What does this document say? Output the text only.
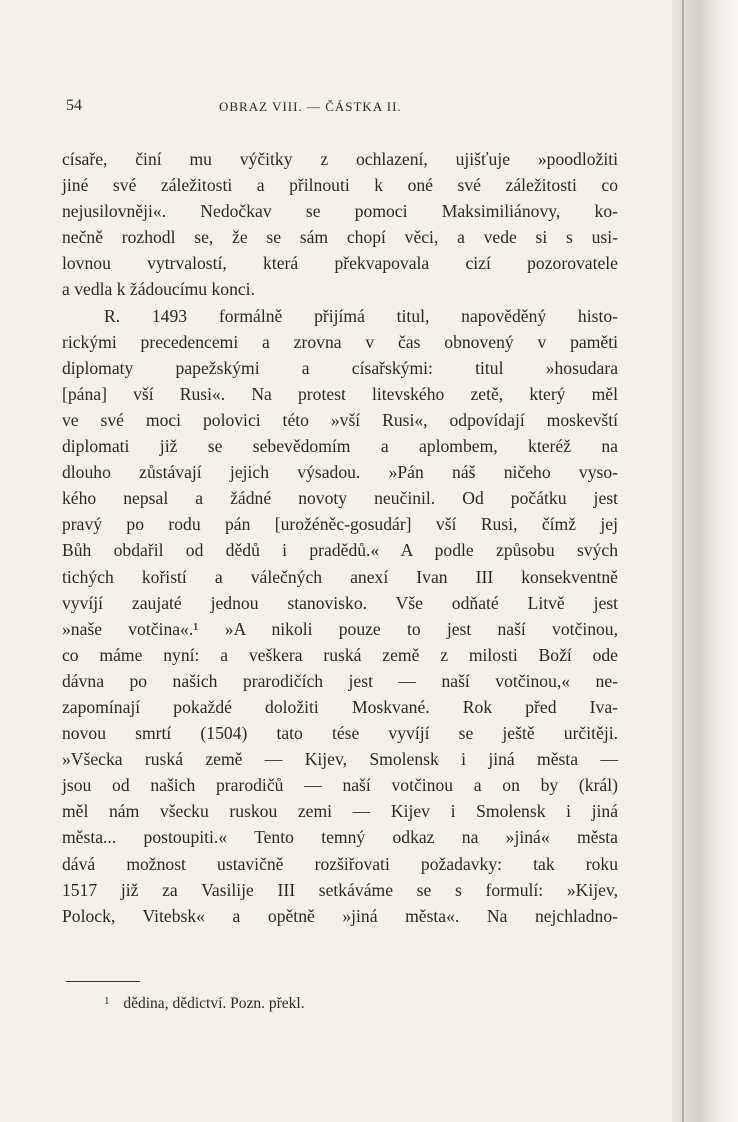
54	OBRAZ VIII. — ČÁSTKA II.
císaře, činí mu výčitky z ochlazení, ujišťuje »poodložiti
jiné své záležitosti a přilnouti k oné své záležitosti co
nejusilovněji«. Nedočkav se pomoci Maksimiliánovy, ko-
nečně rozhodl se, že se sám chopí věci, a vede si s usi-
lovnou vytrvalostí, která překvapovala cizí pozorovatele
a vedla k žádoucímu konci.
R. 1493 formálně přijímá titul, napověděný histo-
rickými precedencemi a zrovna v čas obnovený v paměti
diplomaty papežskými a císařskými: titul »hosudara
[pána] vší Rusi«. Na protest litevského zetě, který měl
ve své moci polovici této »vší Rusi«, odpovídají moskevští
diplomati již se sebevědomím a aplombem, kteréž na
dlouho zůstávají jejich výsadou. »Pán náš ničeho vyso-
kého nepsal a žádné novoty neučinil. Od počátku jest
pravý po rodu pán [urožéněc-gosudár] vší Rusi, čímž jej
Bůh obdařil od dědů i pradědů.« A podle způsobu svých
tichých kořistí a válečných anexí Ivan III konsekventně
vyvíjí zaujaté jednou stanovisko. Vše odňaté Litvě jest
»naše votčina«.¹ »A nikoli pouze to jest naší votčinou,
co máme nyní: a veškera ruská země z milosti Boží ode
dávna po našich prarodičích jest — naší votčinou,« ne-
zapomínají pokaždé doložiti Moskvané. Rok před Iva-
novou smrtí (1504) tato tése vyvíjí se ještě určitěji.
»Všecka ruská země — Kijev, Smolensk i jiná města —
jsou od našich prarodičů — naší votčinou a on by (král)
měl nám všecku ruskou zemi — Kijev i Smolensk i jiná
města... postoupiti.« Tento temný odkaz na »jiná« města
dává možnost ustavičně rozšiřovati požadavky: tak roku
1517 již za Vasilije III setkáváme se s formulí: »Kijev,
Polock, Vitebsk« a opětně »jiná města«. Na nejchladno-
$^1$ dědina, dědictví. Pozn. překl.
